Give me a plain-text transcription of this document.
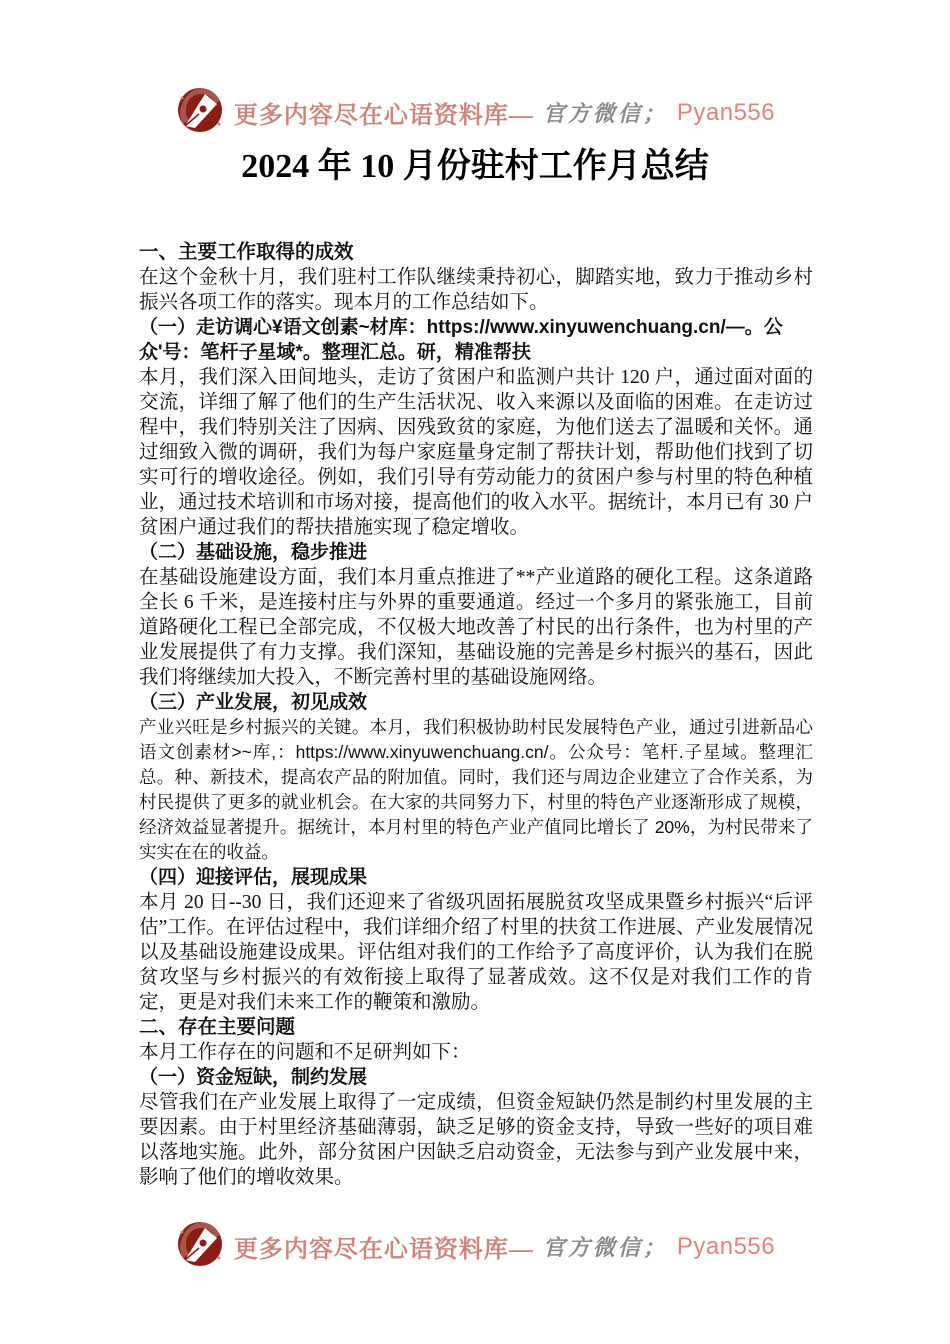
更多内容尽在心语资料库— 官方微信； Pyan556
2024 年 10 月份驻村工作月总结
一、主要工作取得的成效
在这个金秋十月，我们驻村工作队继续秉持初心，脚踏实地，致力于推动乡村振兴各项工作的落实。现本月的工作总结如下。
（一）走访调心¥语文创素~材库：https://www.xinyuwenchuang.cn/—。公众'号：笔杆子星域*。整理汇总。研，精准帮扶
本月，我们深入田间地头，走访了贫困户和监测户共计 120 户，通过面对面的交流，详细了解了他们的生产生活状况、收入来源以及面临的困难。在走访过程中，我们特别关注了因病、因残致贫的家庭，为他们送去了温暖和关怀。通过细致入微的调研，我们为每户家庭量身定制了帮扶计划，帮助他们找到了切实可行的增收途径。例如，我们引导有劳动能力的贫困户参与村里的特色种植业，通过技术培训和市场对接，提高他们的收入水平。据统计，本月已有 30 户贫困户通过我们的帮扶措施实现了稳定增收。
（二）基础设施，稳步推进
在基础设施建设方面，我们本月重点推进了**产业道路的硬化工程。这条道路全长 6 千米，是连接村庄与外界的重要通道。经过一个多月的紧张施工，目前道路硬化工程已全部完成，不仅极大地改善了村民的出行条件，也为村里的产业发展提供了有力支撑。我们深知，基础设施的完善是乡村振兴的基石，因此我们将继续加大投入，不断完善村里的基础设施网络。
（三）产业发展，初见成效
产业兴旺是乡村振兴的关键。本月，我们积极协助村民发展特色产业，通过引进新品心语文创素材>~库,：https://www.xinyuwenchuang.cn/。公众号：笔杆.子星域。整理汇总。种、新技术，提高农产品的附加值。同时，我们还与周边企业建立了合作关系，为村民提供了更多的就业机会。在大家的共同努力下，村里的特色产业逐渐形成了规模，经济效益显著提升。据统计，本月村里的特色产业产值同比增长了 20%，为村民带来了实实在在的收益。
（四）迎接评估，展现成果
本月 20 日--30 日，我们还迎来了省级巩固拓展脱贫攻坚成果暨乡村振兴“后评估”工作。在评估过程中，我们详细介绍了村里的扶贫工作进展、产业发展情况以及基础设施建设成果。评估组对我们的工作给予了高度评价，认为我们在脱贫攻坚与乡村振兴的有效衔接上取得了显著成效。这不仅是对我们工作的肯定，更是对我们未来工作的鞭策和激励。
二、存在主要问题
本月工作存在的问题和不足研判如下：
（一）资金短缺，制约发展
尽管我们在产业发展上取得了一定成绩，但资金短缺仍然是制约村里发展的主要因素。由于村里经济基础薄弱，缺乏足够的资金支持，导致一些好的项目难以落地实施。此外，部分贫困户因缺乏启动资金，无法参与到产业发展中来，影响了他们的增收效果。
更多内容尽在心语资料库— 官方微信； Pyan556
